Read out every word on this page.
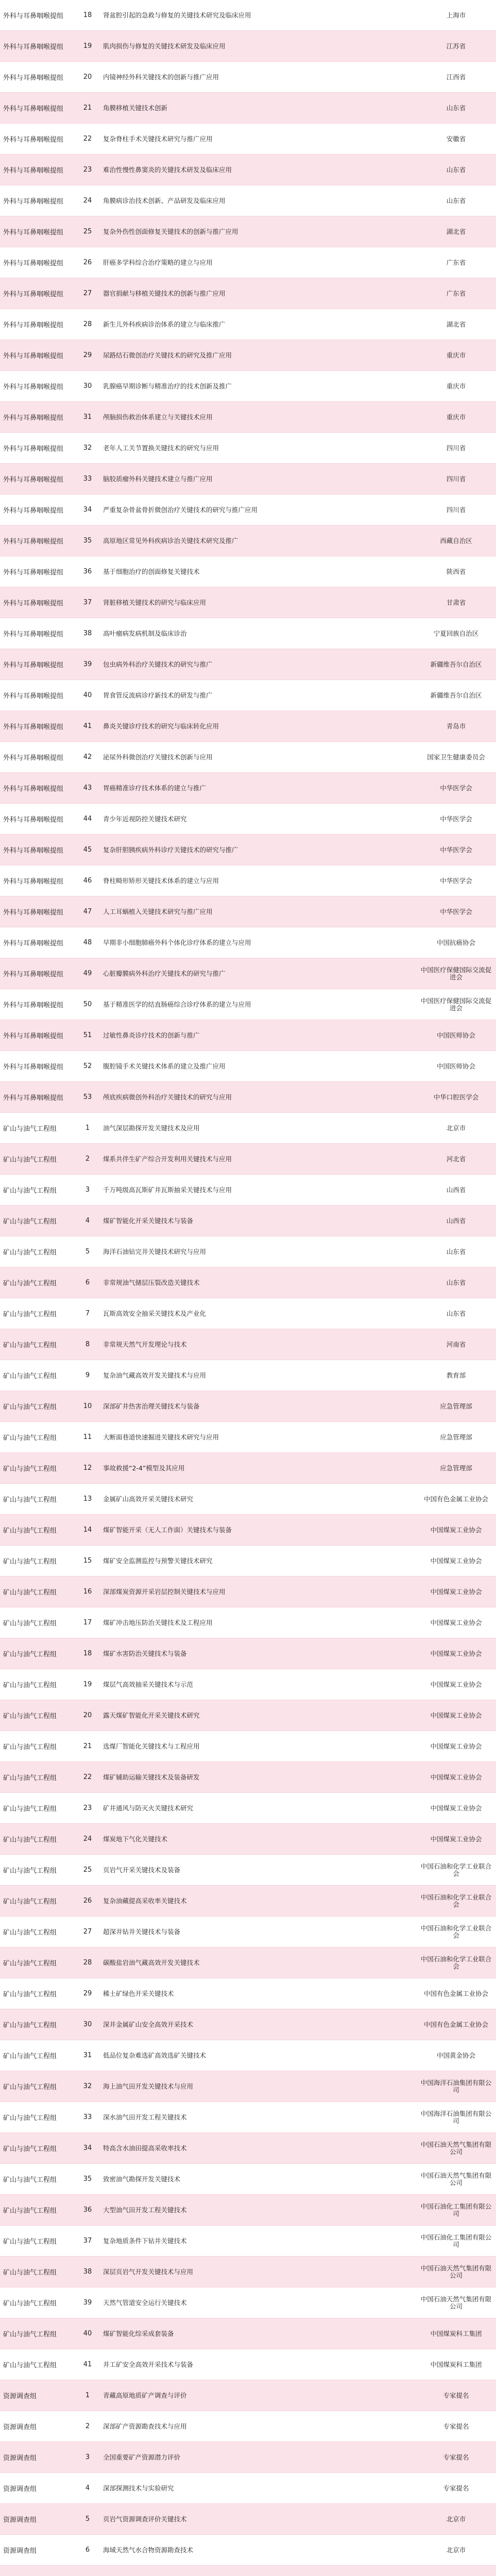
外科与耳鼻咽喉提组	18	肾盆腔引起的急救与修复的关键技术研究及临床应用	上海市
外科与耳鼻咽喉提组	19	肌肉损伤与修复的关键技术研发及临床应用	江苏省
外科与耳鼻咽喉提组	20	内镜神经外科关键技术的创新与推广应用	江西省
外科与耳鼻咽喉提组	21	角膜移植关键技术创新	山东省
外科与耳鼻咽喉提组	22	复杂脊柱手术关键技术研究与推广应用	安徽省
外科与耳鼻咽喉提组	23	难治性慢性鼻窦炎的关键技术研发及临床应用	山东省
外科与耳鼻咽喉提组	24	角膜病诊治技术创新、产品研发及临床应用	山东省
外科与耳鼻咽喉提组	25	复杂外伤性创面修复关键技术的创新与推广应用	湖北省
外科与耳鼻咽喉提组	26	肝癌多学科综合治疗策略的建立与应用	广东省
外科与耳鼻咽喉提组	27	器官捐献与移植关键技术的创新与推广应用	广东省
外科与耳鼻咽喉提组	28	新生儿外科疾病诊治体系的建立与临床推广	湖北省
外科与耳鼻咽喉提组	29	尿路结石微创治疗关键技术的研究及推广应用	重庆市
外科与耳鼻咽喉提组	30	乳腺癌早期诊断与精准治疗的技术创新及推广	重庆市
外科与耳鼻咽喉提组	31	颅脑损伤救治体系建立与关键技术应用	重庆市
外科与耳鼻咽喉提组	32	老年人工关节置换关键技术的研究与应用	四川省
外科与耳鼻咽喉提组	33	脑胶质瘤外科关键技术建立与推广应用	四川省
外科与耳鼻咽喉提组	34	严重复杂骨盆骨折微创治疗关键技术的研究与推广应用	四川省
外科与耳鼻咽喉提组	35	高原地区常见外科疾病诊治关键技术研究及推广	西藏自治区
外科与耳鼻咽喉提组	36	基于细胞治疗的创面修复关键技术	陕西省
外科与耳鼻咽喉提组	37	肾脏移植关键技术的研究与临床应用	甘肃省
外科与耳鼻咽喉提组	38	高叶瘤病发病机制及临床诊治	宁夏回族自治区
外科与耳鼻咽喉提组	39	包虫病外科治疗关键技术的研究与推广	新疆维吾尔自治区
外科与耳鼻咽喉提组	40	胃食管反流病诊疗新技术的研发与推广	新疆维吾尔自治区
外科与耳鼻咽喉提组	41	鼻炎关键诊疗技术的研究与临床转化应用	青岛市
外科与耳鼻咽喉提组	42	泌尿外科微创治疗关键技术创新与应用	国家卫生健康委员会
外科与耳鼻咽喉提组	43	胃癌精准诊疗技术体系的建立与推广	中华医学会
外科与耳鼻咽喉提组	44	青少年近视防控关键技术研究	中华医学会
外科与耳鼻咽喉提组	45	复杂肝胆胰疾病外科诊疗关键技术的研究与推广	中华医学会
外科与耳鼻咽喉提组	46	脊柱畸形矫形关键技术体系的建立与应用	中华医学会
外科与耳鼻咽喉提组	47	人工耳蜗植入关键技术研究与推广应用	中华医学会
外科与耳鼻咽喉提组	48	早期非小细胞肺癌外科个体化诊疗体系的建立与应用	中国抗癌协会
外科与耳鼻咽喉提组	49	心脏瓣膜病外科治疗关键技术的研究与推广	中国医疗保健国际交流促进会
外科与耳鼻咽喉提组	50	基于精准医学的结直肠癌综合诊疗体系的建立与应用	中国医疗保健国际交流促进会
外科与耳鼻咽喉提组	51	过敏性鼻炎诊疗技术的创新与推广	中国医师协会
外科与耳鼻咽喉提组	52	腹腔镜手术关键技术体系的建立及推广应用	中国医师协会
外科与耳鼻咽喉提组	53	颅底疾病微创外科治疗关键技术的研究与应用	中华口腔医学会
矿山与油气工程组	1	油气深层勘探开发关键技术及应用	北京市
矿山与油气工程组	2	煤系共伴生矿产综合开发利用关键技术与应用	河北省
矿山与油气工程组	3	千万吨级高瓦斯矿井瓦斯抽采关键技术与应用	山西省
矿山与油气工程组	4	煤矿智能化开采关键技术与装备	山西省
矿山与油气工程组	5	海洋石油钻完井关键技术研究与应用	山东省
矿山与油气工程组	6	非常规油气储层压裂改造关键技术	山东省
矿山与油气工程组	7	瓦斯高效安全抽采关键技术及产业化	山东省
矿山与油气工程组	8	非常规天然气开发理论与技术	河南省
矿山与油气工程组	9	复杂油气藏高效开发关键技术与应用	教育部
矿山与油气工程组	10	深部矿井热害治理关键技术与装备	应急管理部
矿山与油气工程组	11	大断面巷道快速掘进关键技术研究与应用	应急管理部
矿山与油气工程组	12	事故救援“2-4”模型及其应用	应急管理部
矿山与油气工程组	13	金属矿山高效开采关键技术研究	中国有色金属工业协会
矿山与油气工程组	14	煤矿智能开采（无人工作面）关键技术与装备	中国煤炭工业协会
矿山与油气工程组	15	煤矿安全监测监控与预警关键技术研究	中国煤炭工业协会
矿山与油气工程组	16	深部煤炭资源开采岩层控制关键技术与应用	中国煤炭工业协会
矿山与油气工程组	17	煤矿冲击地压防治关键技术及工程应用	中国煤炭工业协会
矿山与油气工程组	18	煤矿水害防治关键技术与装备	中国煤炭工业协会
矿山与油气工程组	19	煤层气高效抽采关键技术与示范	中国煤炭工业协会
矿山与油气工程组	20	露天煤矿智能化开采关键技术研究	中国煤炭工业协会
矿山与油气工程组	21	选煤厂智能化关键技术与工程应用	中国煤炭工业协会
矿山与油气工程组	22	煤矿辅助运输关键技术及装备研发	中国煤炭工业协会
矿山与油气工程组	23	矿井通风与防灭火关键技术研究	中国煤炭工业协会
矿山与油气工程组	24	煤炭地下气化关键技术	中国煤炭工业协会
矿山与油气工程组	25	页岩气开采关键技术及装备	中国石油和化学工业联合会
矿山与油气工程组	26	复杂油藏提高采收率关键技术	中国石油和化学工业联合会
矿山与油气工程组	27	超深井钻井关键技术与装备	中国石油和化学工业联合会
矿山与油气工程组	28	碳酸盐岩油气藏高效开发关键技术	中国石油和化学工业联合会
矿山与油气工程组	29	稀土矿绿色开采关键技术	中国有色金属工业协会
矿山与油气工程组	30	深井金属矿山安全高效开采技术	中国有色金属工业协会
矿山与油气工程组	31	低品位复杂难选矿高效选矿关键技术	中国黄金协会
矿山与油气工程组	32	海上油气田开发关键技术与应用	中国海洋石油集团有限公司
矿山与油气工程组	33	深水油气田开发工程关键技术	中国海洋石油集团有限公司
矿山与油气工程组	34	特高含水油田提高采收率技术	中国石油天然气集团有限公司
矿山与油气工程组	35	致密油气勘探开发关键技术	中国石油天然气集团有限公司
矿山与油气工程组	36	大型油气田开发工程关键技术	中国石油化工集团有限公司
矿山与油气工程组	37	复杂地质条件下钻井关键技术	中国石油化工集团有限公司
矿山与油气工程组	38	深层页岩气开发关键技术与应用	中国石油天然气集团有限公司
矿山与油气工程组	39	天然气管道安全运行关键技术	中国石油天然气集团有限公司
矿山与油气工程组	40	煤矿智能化综采成套装备	中国煤炭科工集团
矿山与油气工程组	41	井工矿安全高效开采技术与装备	中国煤炭科工集团
资源调查组	1	青藏高原地质矿产调查与评价	专家提名
资源调查组	2	深部矿产资源勘查技术与应用	专家提名
资源调查组	3	全国重要矿产资源潜力评价	专家提名
资源调查组	4	深部探测技术与实验研究	专家提名
资源调查组	5	页岩气资源调查评价关键技术	北京市
资源调查组	6	海域天然气水合物资源勘查技术	北京市
